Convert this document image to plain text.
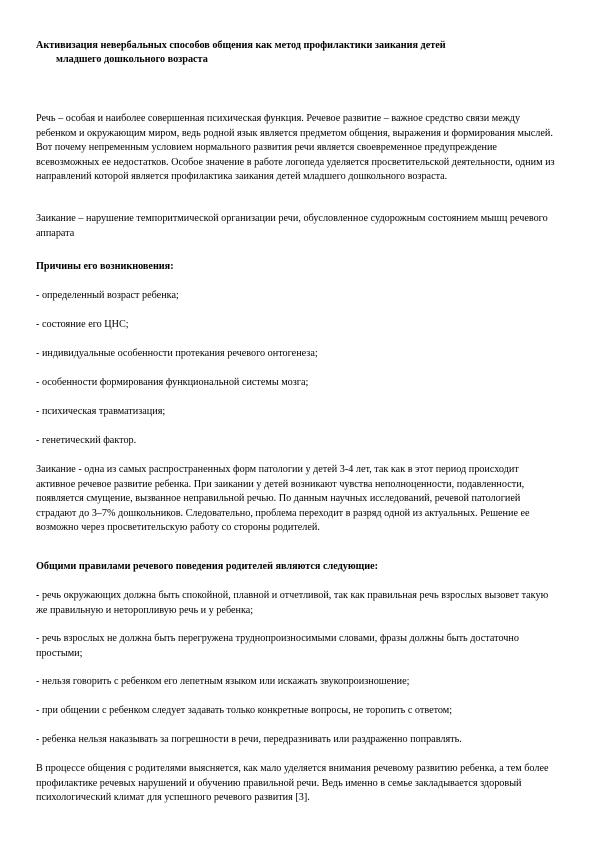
Активизация невербальных способов общения как метод профилактики заикания детей
младшего дошкольного возраста
Речь – особая и наиболее совершенная психическая функция. Речевое развитие – важное средство связи между ребенком и окружающим миром, ведь родной язык является предметом общения, выражения и формирования мыслей. Вот почему непременным условием нормального развития речи является своевременное предупреждение всевозможных ее недостатков. Особое значение в работе логопеда уделяется просветительской деятельности, одним из направлений которой является профилактика заикания детей младшего дошкольного возраста.
Заикание – нарушение темпоритмической организации речи, обусловленное судорожным состоянием мышц речевого аппарата
Причины его возникновения:
- определенный возраст ребенка;
- состояние его ЦНС;
- индивидуальные особенности протекания речевого онтогенеза;
- особенности формирования функциональной системы мозга;
- психическая травматизация;
- генетический фактор.
Заикание - одна из самых распространенных форм патологии у детей 3-4 лет, так как в этот период происходит активное речевое развитие ребенка. При заикании у детей возникают чувства неполноценности, подавленности, появляется смущение, вызванное неправильной речью. По данным научных исследований, речевой патологией страдают до 3–7% дошкольников. Следовательно, проблема переходит в разряд одной из актуальных. Решение ее возможно через просветительскую работу со стороны родителей.
Общими правилами речевого поведения родителей являются следующие:
- речь окружающих должна быть спокойной, плавной и отчетливой, так как правильная речь взрослых вызовет такую же правильную и неторопливую речь и у ребенка;
- речь взрослых не должна быть перегружена труднопроизносимыми словами, фразы должны быть достаточно простыми;
- нельзя говорить с ребенком его лепетным языком или искажать звукопроизношение;
- при общении с ребенком следует задавать только конкретные вопросы, не торопить с ответом;
- ребенка нельзя наказывать за погрешности в речи, передразнивать или раздраженно поправлять.
В процессе общения с родителями выясняется, как мало уделяется внимания речевому развитию ребенка, а тем более профилактике речевых нарушений и обучению правильной речи. Ведь именно в семье закладывается здоровый психологический климат для успешного речевого развития [3].
